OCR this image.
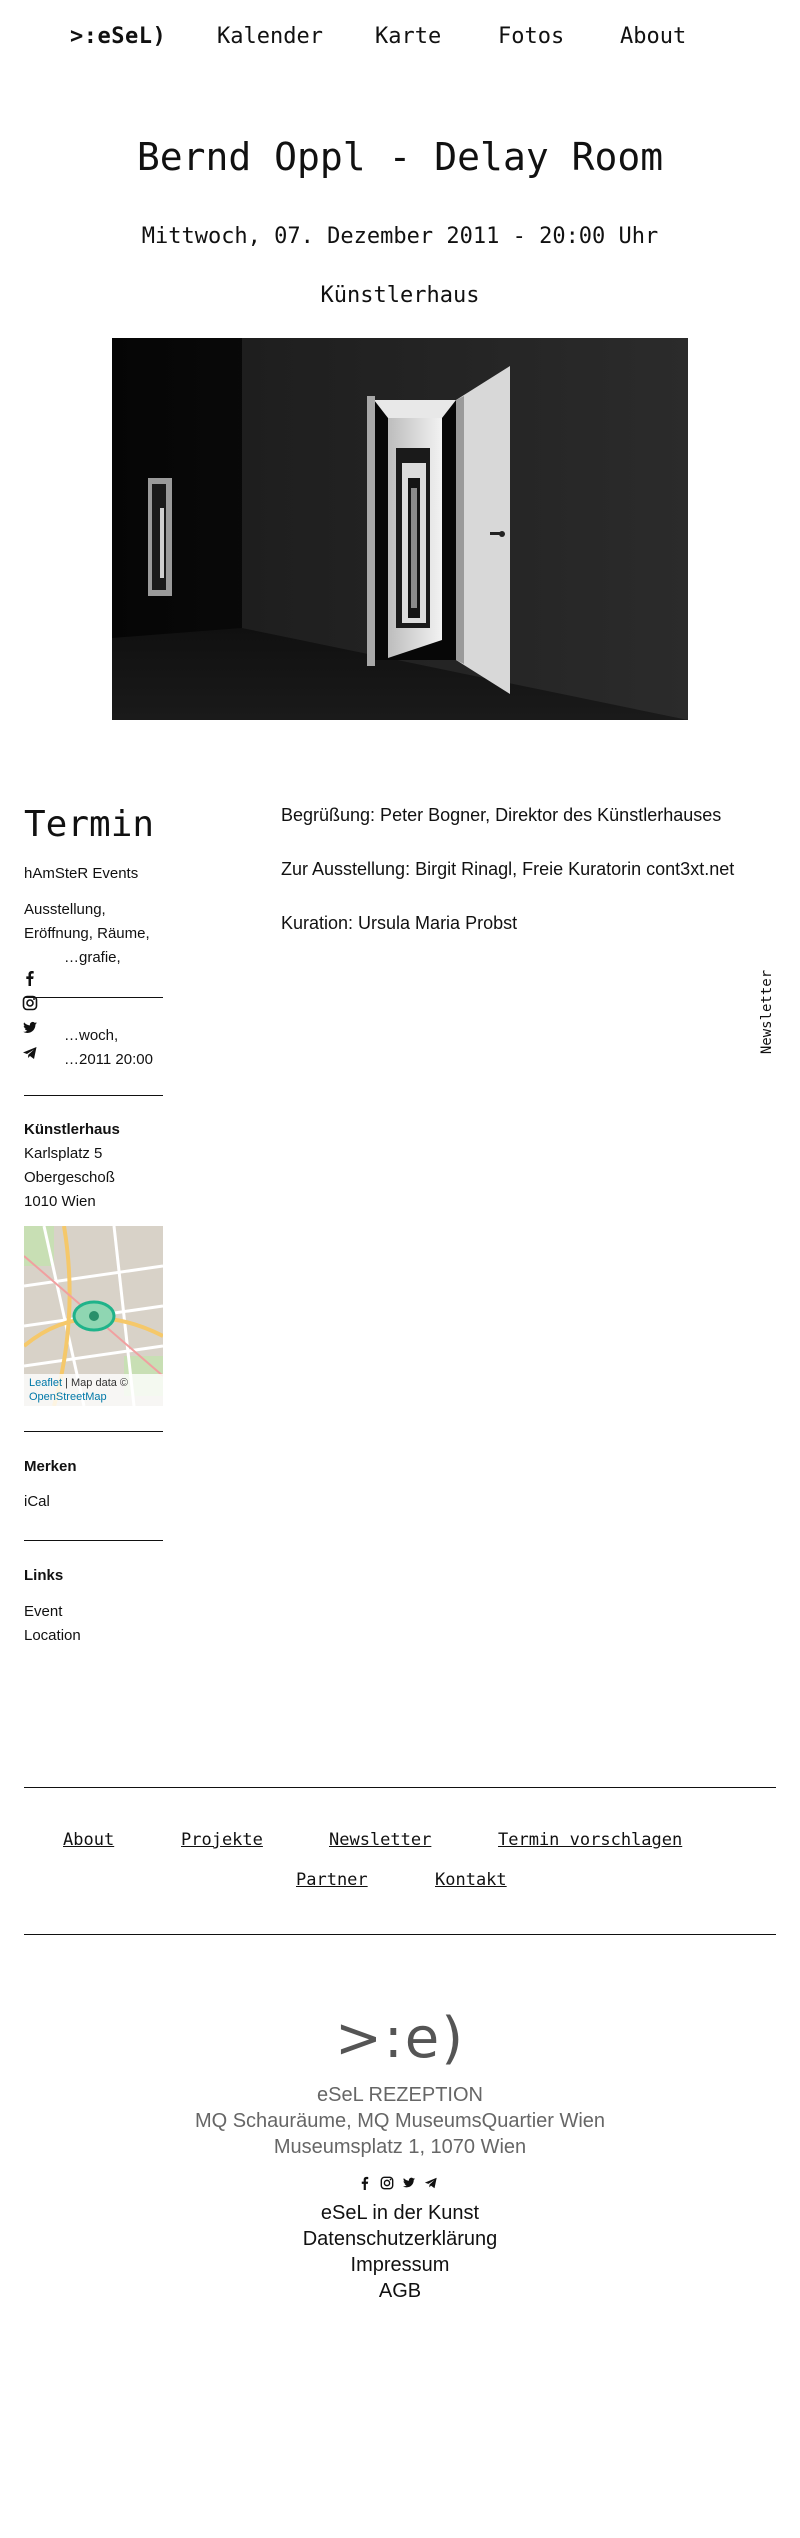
>:eSeL) Kalender Karte	Fotos	About
Bernd Oppl - Delay Room
Mittwoch, 07. Dezember 2011 - 20:00 Uhr
Künstlerhaus
Termin
hAmSteR Events
Ausstellung,
Eröffnung, Räume,
…grafie,
…woch,
…2011 20:00
Künstlerhaus
Karlsplatz 5
Obergeschoß
1010 Wien
Leaflet | Map data © OpenStreetMap
Merken
iCal
Links
Event
Location

Begrüßung: Peter Bogner, Direktor des Künstlerhauses

Zur Ausstellung: Birgit Rinagl, Freie Kuratorin cont3xt.net

Kuration: Ursula Maria Probst

Newsletter
About	Projekte	Newsletter	Termin vorschlagen
Partner	Kontakt
>:e)
eSeL REZEPTION
MQ Schauräume, MQ MuseumsQuartier Wien
Museumsplatz 1, 1070 Wien
eSeL in der Kunst
Datenschutzerklärung
Impressum
AGB
